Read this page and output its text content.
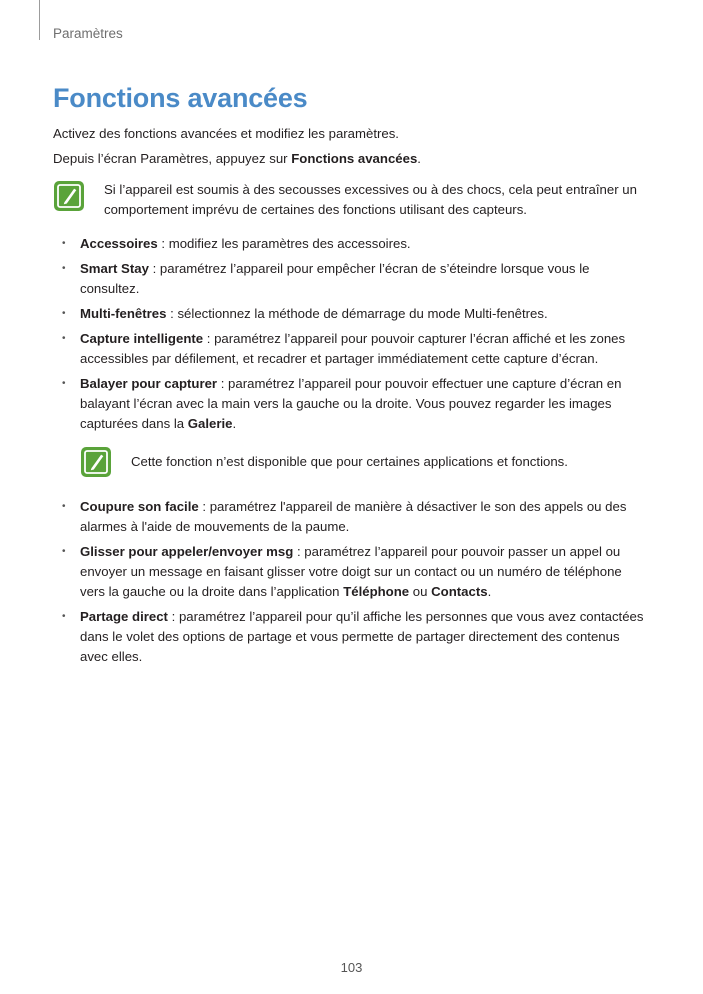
Paramètres
Fonctions avancées

Activez des fonctions avancées et modifiez les paramètres.

Depuis l’écran Paramètres, appuyez sur Fonctions avancées.

Si l’appareil est soumis à des secousses excessives ou à des chocs, cela peut entraîner un comportement imprévu de certaines des fonctions utilisant des capteurs.

• Accessoires : modifiez les paramètres des accessoires.
• Smart Stay : paramétrez l’appareil pour empêcher l’écran de s’éteindre lorsque vous le consultez.
• Multi-fenêtres : sélectionnez la méthode de démarrage du mode Multi-fenêtres.
• Capture intelligente : paramétrez l’appareil pour pouvoir capturer l’écran affiché et les zones accessibles par défilement, et recadrer et partager immédiatement cette capture d’écran.
• Balayer pour capturer : paramétrez l’appareil pour pouvoir effectuer une capture d’écran en balayant l’écran avec la main vers la gauche ou la droite. Vous pouvez regarder les images capturées dans la Galerie.
• Coupure son facile : paramétrez l'appareil de manière à désactiver le son des appels ou des alarmes à l'aide de mouvements de la paume.
• Glisser pour appeler/envoyer msg : paramétrez l’appareil pour pouvoir passer un appel ou envoyer un message en faisant glisser votre doigt sur un contact ou un numéro de téléphone vers la gauche ou la droite dans l’application Téléphone ou Contacts.
• Partage direct : paramétrez l’appareil pour qu’il affiche les personnes que vous avez contactées dans le volet des options de partage et vous permette de partager directement des contenus avec elles.

Cette fonction n’est disponible que pour certaines applications et fonctions.

103
